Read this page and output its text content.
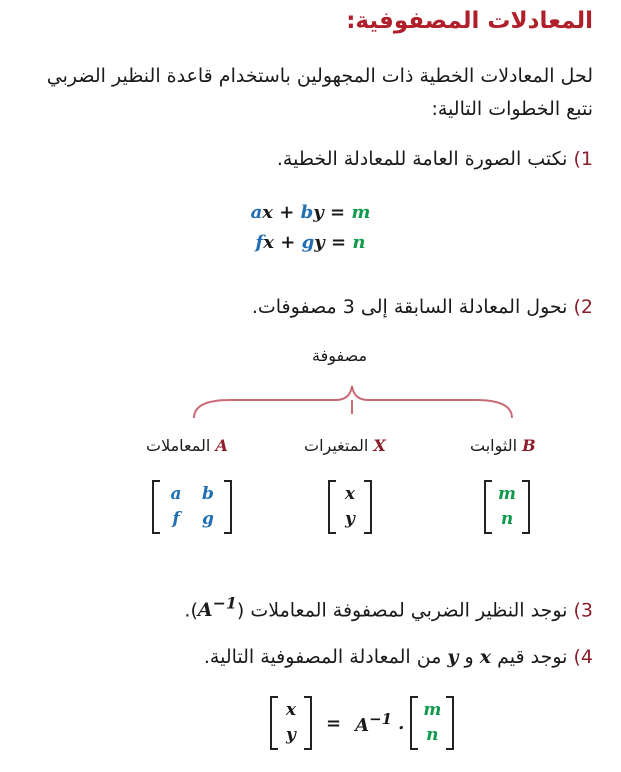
المعادلات المصفوفية:
لحل المعادلات الخطية ذات المجهولين باستخدام قاعدة النظير الضربي نتبع الخطوات التالية:
1) نكتب الصورة العامة للمعادلة الخطية.
ax + by = m
fx + gy = n
2) نحول المعادلة السابقة إلى 3 مصفوفات.
مصفوفة
A المعاملات	X المتغيرات	B الثوابت
a	b
f	g
x
y
m
n
3) نوجد النظير الضربي لمصفوفة المعاملات $(A^{-1})$.
4) نوجد قيم x و y من المعادلة المصفوفية التالية.
x
y
= $A^{-1}$ .
m
n
